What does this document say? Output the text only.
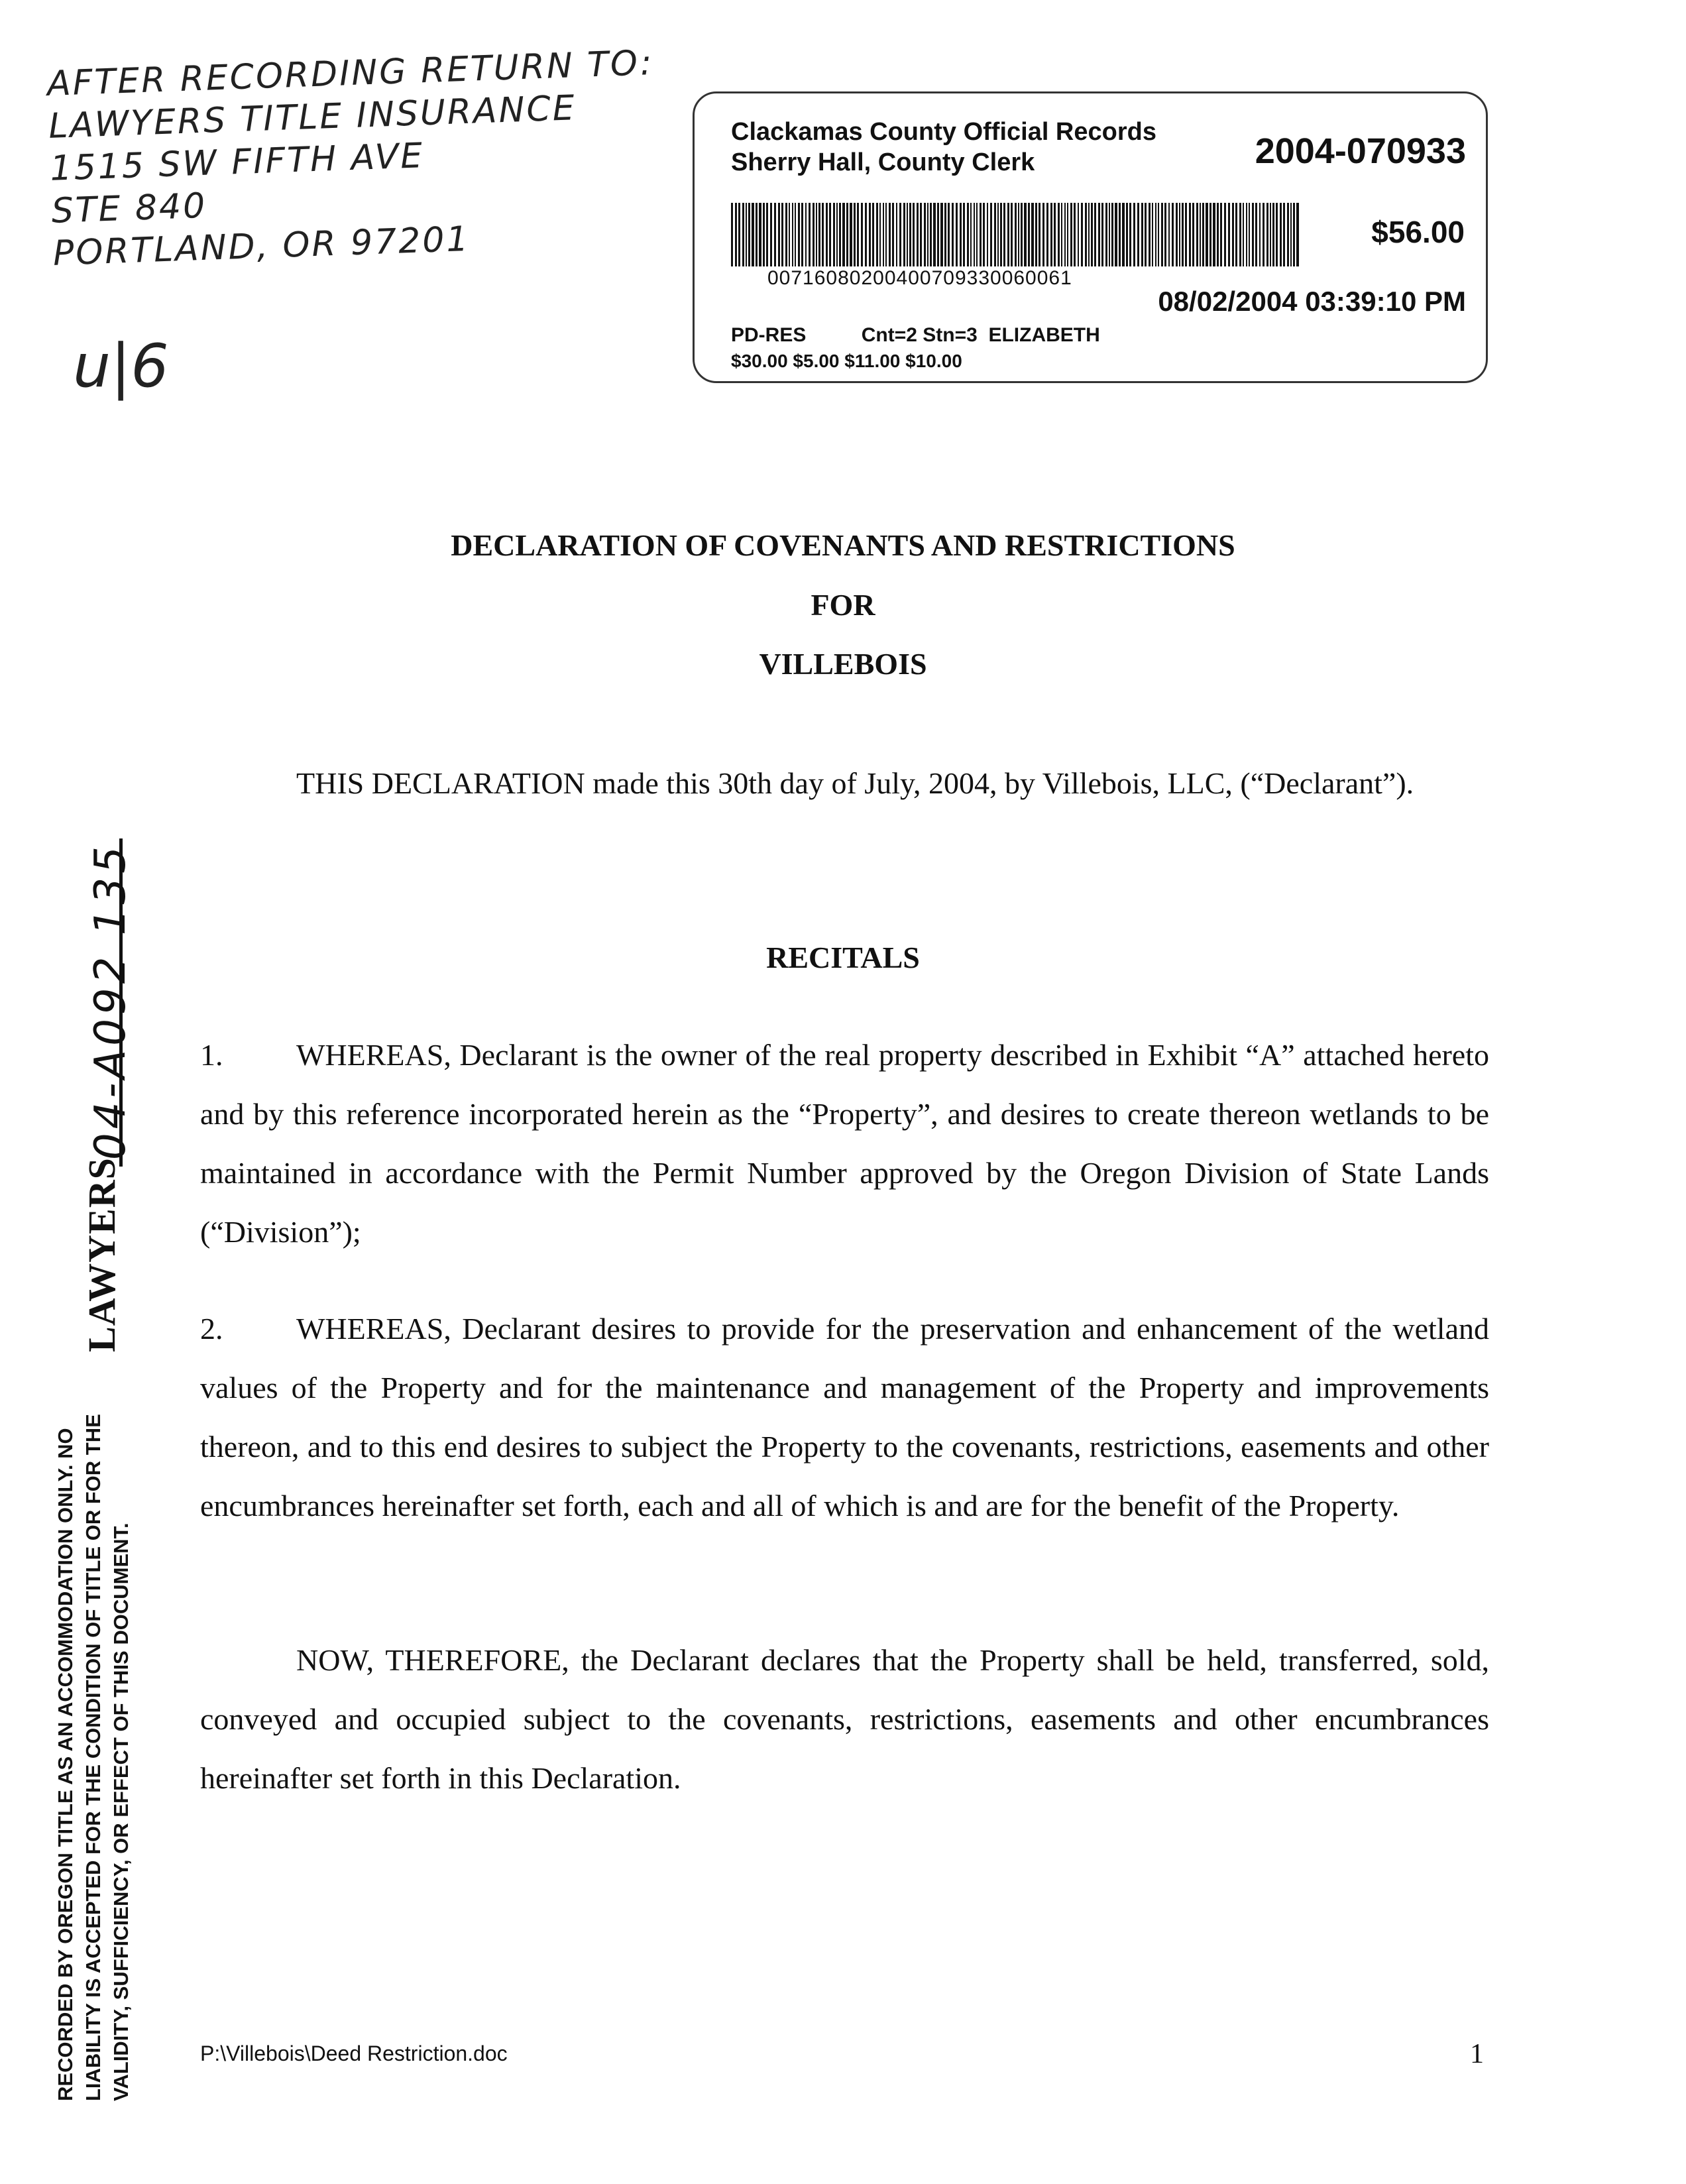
AFTER RECORDING RETURN TO:
LAWYERS TITLE INSURANCE
1515 SW FIFTH AVE
STE 840
PORTLAND, OR 97201
u|6
Clackamas County Official Records
Sherry Hall, County Clerk	2004-070933
$56.00
00716080200400709330060061
08/02/2004 03:39:10 PM
PD-RES	Cnt=2 Stn=3 ELIZABETH
$30.00 $5.00 $11.00 $10.00
DECLARATION OF COVENANTS AND RESTRICTIONS
FOR
VILLEBOIS
THIS DECLARATION made this 30th day of July, 2004, by Villebois, LLC, (“Declarant”).
RECITALS
1. WHEREAS, Declarant is the owner of the real property described in Exhibit “A” attached hereto and by this reference incorporated herein as the “Property”, and desires to create thereon wetlands to be maintained in accordance with the Permit Number approved by the Oregon Division of State Lands (“Division”);
2. WHEREAS, Declarant desires to provide for the preservation and enhancement of the wetland values of the Property and for the maintenance and management of the Property and improvements thereon, and to this end desires to subject the Property to the covenants, restrictions, easements and other encumbrances hereinafter set forth, each and all of which is and are for the benefit of the Property.
NOW, THEREFORE, the Declarant declares that the Property shall be held, transferred, sold, conveyed and occupied subject to the covenants, restrictions, easements and other encumbrances hereinafter set forth in this Declaration.
P:\Villebois\Deed Restriction.doc	1
LAWYERS
04-A092 135
RECORDED BY OREGON TITLE AS AN ACCOMMODATION ONLY. NO LIABILITY IS ACCEPTED FOR THE CONDITION OF TITLE OR FOR THE VALIDITY, SUFFICIENCY, OR EFFECT OF THIS DOCUMENT.
